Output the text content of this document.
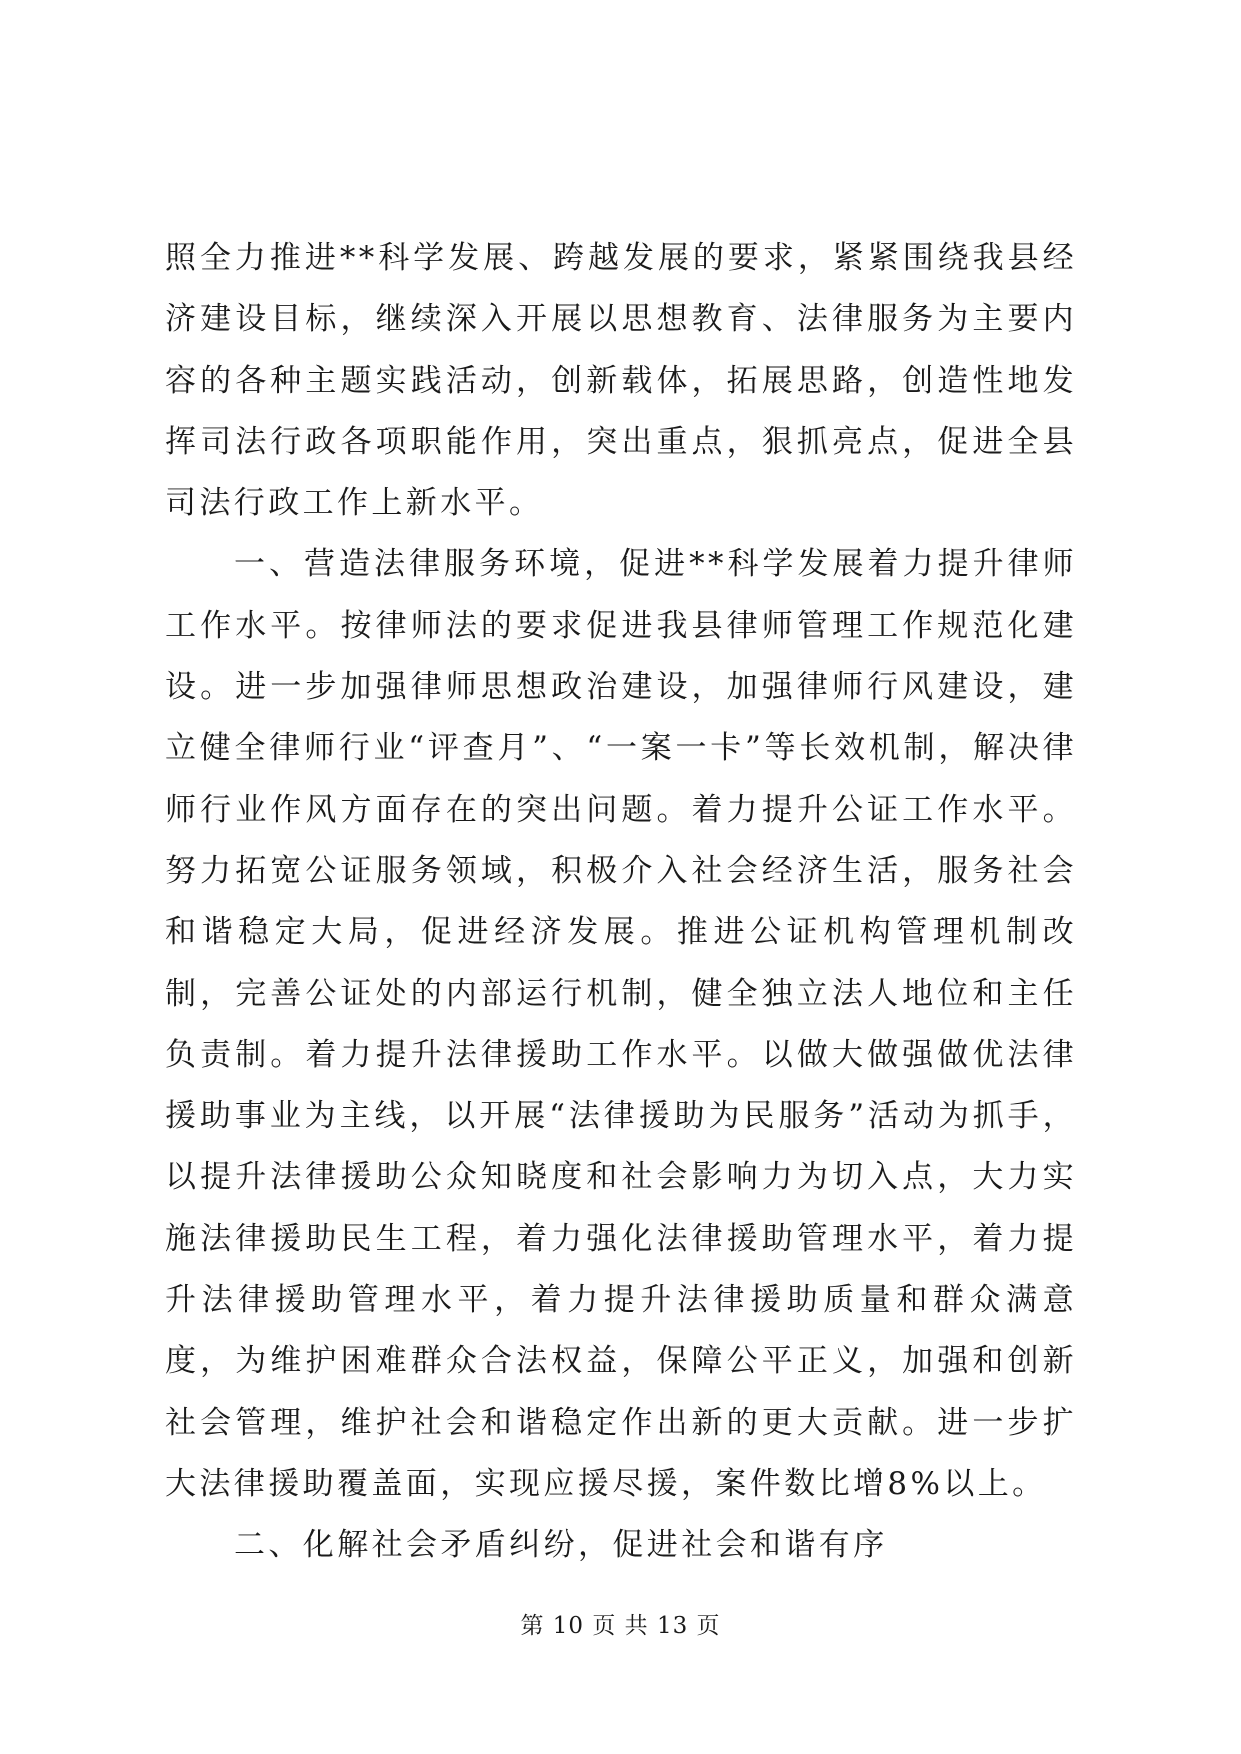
照全力推进**科学发展、跨越发展的要求，紧紧围绕我县经济建设目标，继续深入开展以思想教育、法律服务为主要内容的各种主题实践活动，创新载体，拓展思路，创造性地发挥司法行政各项职能作用，突出重点，狠抓亮点，促进全县司法行政工作上新水平。

一、营造法律服务环境，促进**科学发展着力提升律师工作水平。按律师法的要求促进我县律师管理工作规范化建设。进一步加强律师思想政治建设，加强律师行风建设，建立健全律师行业“评查月”、“一案一卡”等长效机制，解决律师行业作风方面存在的突出问题。着力提升公证工作水平。努力拓宽公证服务领域，积极介入社会经济生活，服务社会和谐稳定大局，促进经济发展。推进公证机构管理机制改制，完善公证处的内部运行机制，健全独立法人地位和主任负责制。着力提升法律援助工作水平。以做大做强做优法律援助事业为主线，以开展“法律援助为民服务”活动为抓手，以提升法律援助公众知晓度和社会影响力为切入点，大力实施法律援助民生工程，着力强化法律援助管理水平，着力提升法律援助管理水平，着力提升法律援助质量和群众满意度，为维护困难群众合法权益，保障公平正义，加强和创新社会管理，维护社会和谐稳定作出新的更大贡献。进一步扩大法律援助覆盖面，实现应援尽援，案件数比增8%以上。

二、化解社会矛盾纠纷，促进社会和谐有序

第 10 页 共 13 页
